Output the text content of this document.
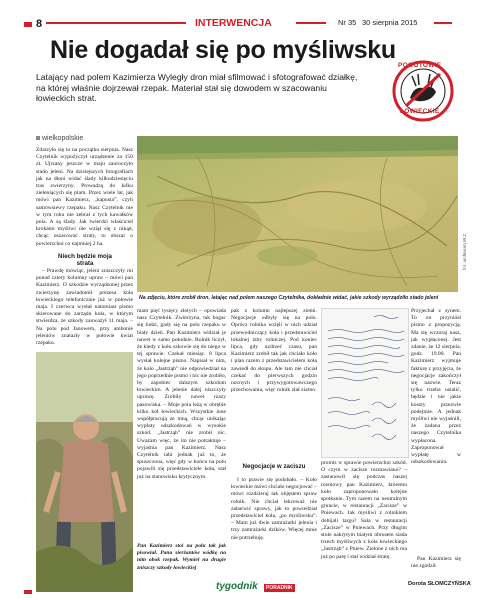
8	INTERWENCJA	Nr 35 30 sierpnia 2015
Nie dogadał się po myśliwsku
POGOTOWIE
ŁOWIECKIE
Latający nad polem Kazimierza Wyległy dron miał sfilmować i sfotografować działkę, na której właśnie dojrzewał rzepak. Materiał stał się dowodem w szacowaniu łowieckich strat.
wielkopolskie
fot. archiwum W.Z.
Na zdjęciu, które zrobił dron, latając nad polem naszego Czytelnika, dokładnie widać, jakie szkody wyrządziło stado jeleni

Zdarzyło się to na początku sierpnia. Nasz Czytelnik wypożyczył urządzenie za 150 zł. Ujrzany jeszcze w maju zauroczyło stado jeleni. Na dzisiejszych fotografiach jak na dłoni widać ślady kilkudziesięciu tras zwierzyny. Prowadzą do kilku zieleniących się plam. Przez wiele lat, jak mówi pan Kazimierz, „kapusta”, czyli samowsiewy rzepaku. Nasz Czytelnik nie w tym roku nie zebrał z tych kawałków pola. A są ślady. Jak twierdzi właściciel krokami myśliwi nie wziął się z nikąd, chcąc oszacować straty, to obszar o powierzchni co najmniej 2 ha.

Niech będzie moja strata

– Prawdę mówiąc, jeleni zniszczyły mi ponad cztery kolumny upraw – mówi pan Kazimierz. O szkodzie wyrządzonej przez zwierzynę zawiadomił prezesa koła łowieckiego telefonicznie już w połowie maja. I czerwca wysłał natomiast pismo skierowane do zarządu koła, w którym stwierdza, że szkody zauważył 11 maja. – Na polu pod Janowem, przy ambonie jeleniów znalazły w połowie kwiat rzepaku.

mam pięć tysięcy złotych – opowiada nasz Czytelnik. Zwierzyna, tak bogac się ludzi, gady się na polu rzepaku w biały dzień. Pan Kazimierz widział je nawet w samo południe. Rolnik liczył, że kiedy z kołu szkowie się do niego w tej sprawie. Czekał miesiąc. 8 lipca wysłał kolejne pismo. Napisał w nim, że koło „Jastrząb” nie odpowiedział na jego poprzednie pismo i nic nie zrobiło, by zapobiec dalszym szkodom łowieckim. A jelenie dalej niszczyły uprawę. Zrobiły nawet rzazy pasowiska. – Moje pola leżą w obrębie kilku kół łowieckich. Wszystkie inne współpracują ze mną, chcąc unikając wypłaty odszkodowań w wysokie szkód. „Jastrząb” nie zrobił nic. Uważam więc, że im nie potraktuje – wyjaśnia pan Kazimierz. Nasz Czytelnik tabi jednak już to, że spuszczona, więc gdy w końcu na polu pojawili się przedstawiciele koła, stał już na stanowisku krytycznym.

Pan Kazimierz stoi na polu tak jak pisowiał. Pana sierżantów wódkę na nim obok rzepak. Wymiel na drugie zniszczy szkody łowieckiej

pak z kolumn najlepszej ziemi. Negocjacje odbyły się na polu. Oprócz rolnika wzięli w nich udział przewodniczący koła i przedstawiciel lokalnej izby rolniczej. Pod koniec lipca, gdy uzdrzeć czasu, pan Kazimierz zrobił tak jak chciało koło i plan razem z przedstawicielem koła zawiedł do skupu. Ale tam nie chciał czekać do pierwszych godzin nocnych i przywygotowawczego przechowania, więc rolnik złał ziarno.

Negocjacje w zaciszu

I to prawie się podobało. – Koło łowieckie mówi chciało negocjować – mówi rozdzieraj tak objęstem spraw rolnik. Nie chciał lekceważ nie zabarwić sprawy, jak to powiedział przedstawiciel koła, „po myśliwsku”. – Mam już dwie zamrażarki jelenia i trzy zamrażarki dzików. Więcej mnie nie potrzebuję.

promis w sprawie powierzchni szkód. O czym w zacisze rozmawiano? – zastanowił się podczas naszej rozmowy pan Kazimierz, któremu koło zaproponowało kolejne spotkanie. Tym razem na neutralnym gruncie, w restauracji „Zacisze” w Pniewach. Jak myśliwi z rolnikiem dobijali targu? Sala w restauracji „Zacisze” w Pniewach. Przy długim stole nakrytym białym obrusem siada trzech myśliwych z koła łowieckiego „Jastrząb” z Pniew. Zielone z nich ma już po parę i stał widział stratę.

Przyjechał z synem. To on przyniósł pismo z propozycją. Ma się wczoraj nasz, jak wypłaconej. Jest zdanie, że 12 sierpnia, godz. 19.00. Pan Kazimierz wyjmuje fakturę z przyjęcia, że negocjacje zakończył się nazwie. Teraz tylko trzeba ustalić, będzie i nie jakie koszty przezwie podejmie. A jednak myśliwi nie wyjaśnili, że żadana przez naszego Czytelnika wypłacona. Zaproponował wypłatę w odszkodowaniu.

Pan Kazimierz się nie zgodził.

Dorota SŁOMCZYŃSKA
tygodnik	PORADNIK
